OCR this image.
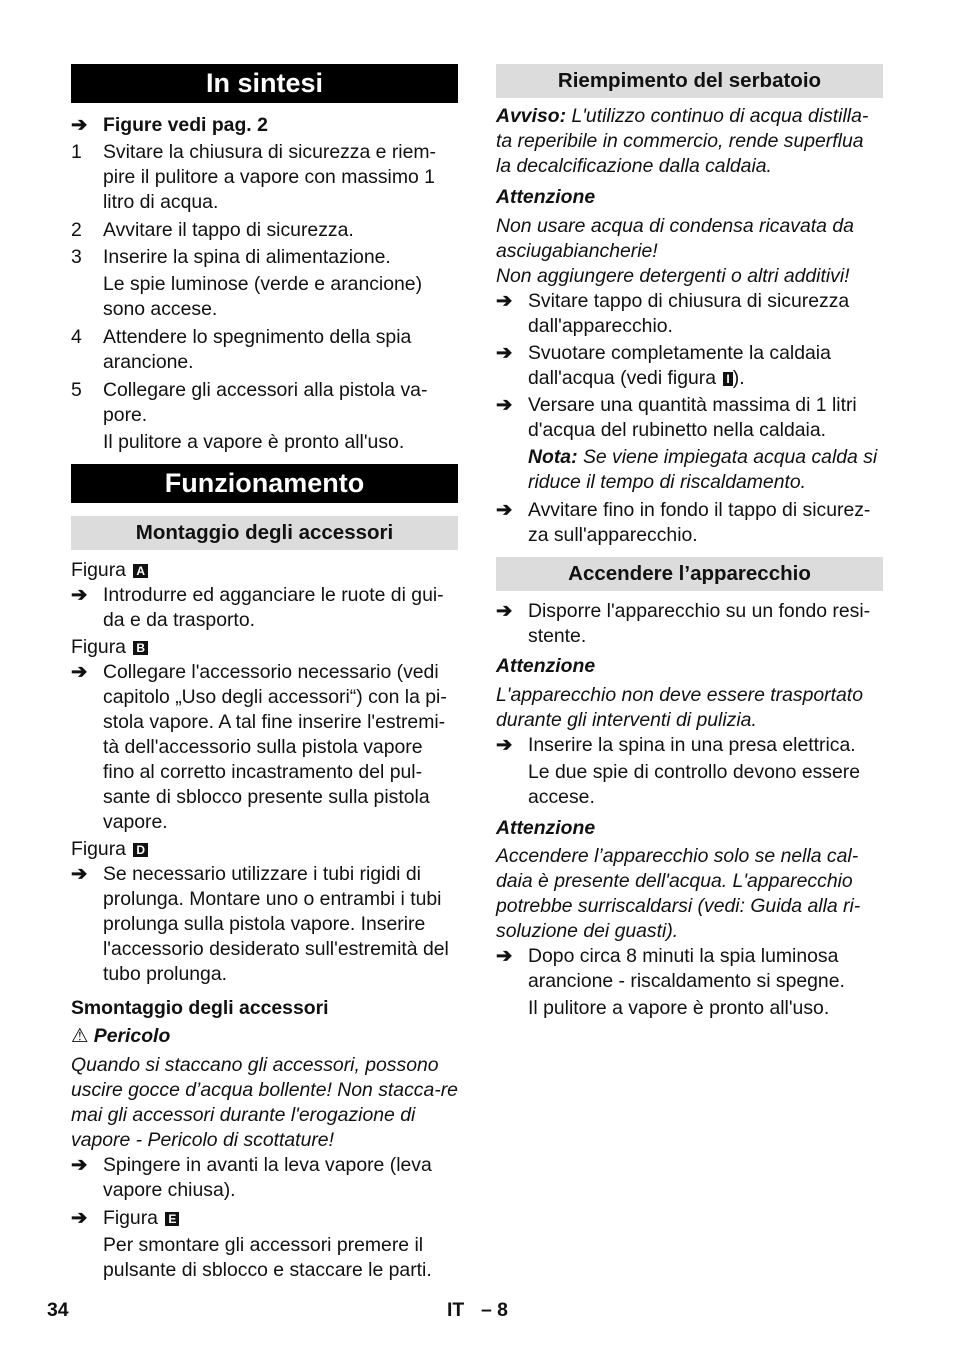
In sintesi
➔ Figure vedi pag. 2
1	Svitare la chiusura di sicurezza e riem-pire il pulitore a vapore con massimo 1 litro di acqua.
2	Avvitare il tappo di sicurezza.
3	Inserire la spina di alimentazione.
Le spie luminose (verde e arancione) sono accese.
4	Attendere lo spegnimento della spia arancione.
5	Collegare gli accessori alla pistola va-pore.
Il pulitore a vapore è pronto all'uso.
Funzionamento
Montaggio degli accessori
Figura A
➔ Introdurre ed agganciare le ruote di gui-da e da trasporto.
Figura B
➔ Collegare l'accessorio necessario (vedi capitolo „Uso degli accessori“) con la pi-stola vapore. A tal fine inserire l'estremi-tà dell'accessorio sulla pistola vapore fino al corretto incastramento del pul-sante di sblocco presente sulla pistola vapore.
Figura D
➔ Se necessario utilizzare i tubi rigidi di prolunga. Montare uno o entrambi i tubi prolunga sulla pistola vapore. Inserire l'accessorio desiderato sull'estremità del tubo prolunga.
Smontaggio degli accessori
⚠ Pericolo
Quando si staccano gli accessori, possono uscire gocce d’acqua bollente! Non stacca-re mai gli accessori durante l'erogazione di vapore - Pericolo di scottature!
➔ Spingere in avanti la leva vapore (leva vapore chiusa).
➔ Figura E
Per smontare gli accessori premere il pulsante di sblocco e staccare le parti.
Riempimento del serbatoio
Avviso: L'utilizzo continuo di acqua distilla-ta reperibile in commercio, rende superflua la decalcificazione dalla caldaia.
Attenzione
Non usare acqua di condensa ricavata da asciugabiancherie!
Non aggiungere detergenti o altri additivi!
➔ Svitare tappo di chiusura di sicurezza dall'apparecchio.
➔ Svuotare completamente la caldaia dall'acqua (vedi figura I ).
➔ Versare una quantità massima di 1 litri d'acqua del rubinetto nella caldaia.
Nota: Se viene impiegata acqua calda si riduce il tempo di riscaldamento.
➔ Avvitare fino in fondo il tappo di sicurez-za sull'apparecchio.
Accendere l’apparecchio
➔ Disporre l'apparecchio su un fondo resi-stente.
Attenzione
L'apparecchio non deve essere trasportato durante gli interventi di pulizia.
➔ Inserire la spina in una presa elettrica.
Le due spie di controllo devono essere accese.
Attenzione
Accendere l’apparecchio solo se nella cal-daia è presente dell'acqua. L'apparecchio potrebbe surriscaldarsi (vedi: Guida alla ri-soluzione dei guasti).
➔ Dopo circa 8 minuti la spia luminosa arancione - riscaldamento si spegne.
Il pulitore a vapore è pronto all'uso.
34	IT – 8
